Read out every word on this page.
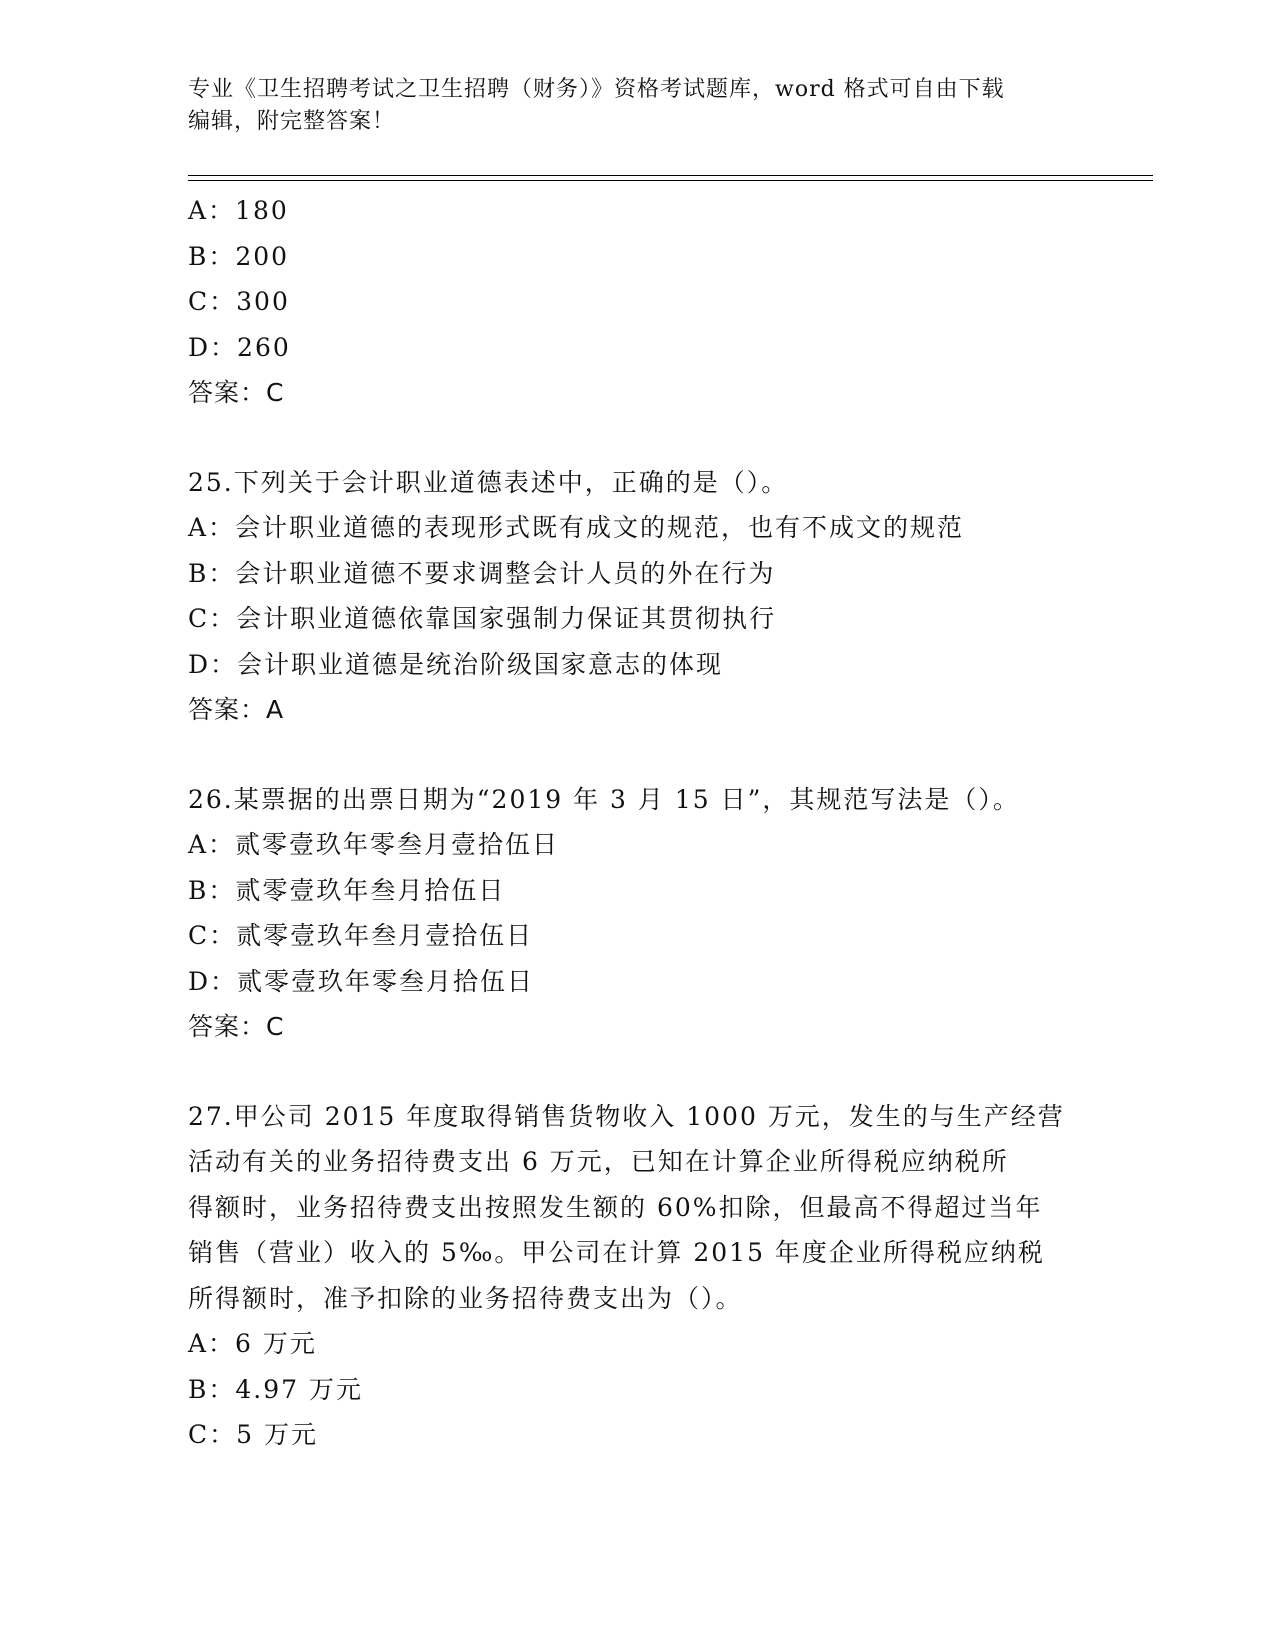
专业《卫生招聘考试之卫生招聘（财务）》资格考试题库，word 格式可自由下载
编辑，附完整答案！
A：180
B：200
C：300
D：260
答案：C
25.下列关于会计职业道德表述中，正确的是（）。
A：会计职业道德的表现形式既有成文的规范，也有不成文的规范
B：会计职业道德不要求调整会计人员的外在行为
C：会计职业道德依靠国家强制力保证其贯彻执行
D：会计职业道德是统治阶级国家意志的体现
答案：A
26.某票据的出票日期为“2019 年 3 月 15 日”，其规范写法是（）。
A：贰零壹玖年零叁月壹拾伍日
B：贰零壹玖年叁月拾伍日
C：贰零壹玖年叁月壹拾伍日
D：贰零壹玖年零叁月拾伍日
答案：C
27.甲公司 2015 年度取得销售货物收入 1000 万元，发生的与生产经营
活动有关的业务招待费支出 6 万元，已知在计算企业所得税应纳税所
得额时，业务招待费支出按照发生额的 60%扣除，但最高不得超过当年
销售（营业）收入的 5‰。甲公司在计算 2015 年度企业所得税应纳税
所得额时，准予扣除的业务招待费支出为（）。
A：6 万元
B：4.97 万元
C：5 万元
